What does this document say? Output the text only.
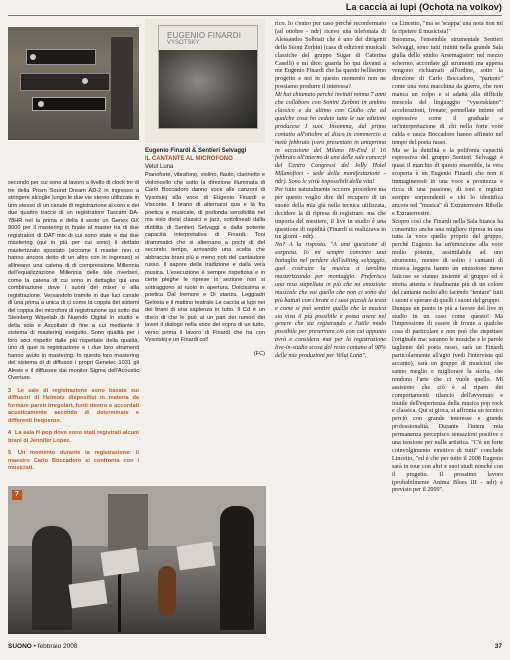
La caccia ai lupi (Ochota na volkov)
EUGENIO FINARDI
VYSOTSKY
Eugenio Finardi & Sentieri Selvaggi
IL CANTANTE AL MICROFONO
Velut Luna

secondo per cui sono al lavoro a livello di clock tre di tre della Prism Sound Dream AD-2 in ingresso a stringere alcoglie lungo le due vie stereo utilizzate in uno stesso di un canale di registrazione al coro e dei due quattro tracce di un registratore Tascam DA-78HR nel la prima e della il sesto un Genex GX 9000 per il mastering in finale al master tra di due registratori di DAT mix di cui sono state e dai due mastering (qui in più per cui sono) il dettato masterizzato spostato (siccome il master non ci hanno ancora detto di un altro con in ingresso) si allineano una catena di di compressione Millennia dell'equalizzazione Millennia delle tele riverberi, come la catena di cui sono in dettaglio qui una combinazione dove i suoni del mixer o alla registrazione. Versandolo tramite in due luci canale di una prima a unica di ci come la coppia dei sistemi del coppia dei microfoni di registrazione qui sotto dai Steinberg Wavelab di Nuendo Digital in studio e della sola e Ascoltato di fine a cui mediante il sistema di mastering eseguito. Sono qualità per i loro soci rispetto dalle più rispettate della qualità, uno di quei la registrazione e i due loro strumenti hanno avuto in mastering. In questo loro mastering del sistema di di diffusori i propri Genelec 1031 gli Alesis e il diffusore dai monitor Sigma dell'Acoustic Overture.

3 Le sale di registrazione sono basate sui diffusori di Helmotz dispositivi in materia da formare pareti irregolari, fonti dentro e accordati acusticamente secondo di determinate e differenti frequenze.
4 La sala H pop dove sono stati registrati alcuni brani di Jennifer Lopez.
5 Un momento durante la registrazione: il maestro Carlo Boccadoro si confronta con i musicisti.

Pianoforte, vibrafono, violino, flauto, clarinetto e violoncello che sotto la direzione illuminata di Carlo Boccadoro danno voce alle canzoni di Vysotskij alla voce di Eugenio Finardi e Visconte. Il brano di alternarsi qua e là fra poetica e musicale, di profonda sensibilità nel ma solo divisi classici e jazz, sottolineati dalla duttilità di Sentieri Selvaggi e dalla potente capacità interpretativa di Finardi. Toni drammatici che si alternano a pochi di del secondo tempo, arrivando una scelta che abbraccia brani più e meno noti del cantautore russo. Il sapore della tradizione e dalla vera musica. L'esecuzione è sempre rispettosa e in certe pieghe le riprese in sezione non si sottraggono al ruolo in apertura. Dolcissima e poetica Dal tremore e Di stanza. Leggiadri Gelosia e il mattino teatrale Le caccia ai lupi nei dei brani di una sapienza in tutto. Il Cd è un disco di che le può al un pari dei rumori dei lavori il dialogo nella voce dei sopra di un tutto, verso prima il lavoro di Finardi che ha con Vysotskij e un Finardi col!

(FC)

rico. Io c'entro per caso perché reconfermato (ad ottobre - ndr) ricevo una telefonata di Alessandro Solbiati che è uno dei dirigenti della Suoni Zerbini (casa di edizioni musicali classiche del gruppo Sugar di Caterina Caselli) e mi dice: guarda ho qui davanti a me Eugenio Finardi che ha questo bellissimo progetto e noi in questo momento non ne possiamo produrre il interessa?

Mi hai chiamato perché invitati nonna 7 anni che collaboro con Sonini Zerbini in ambito classico e da ultimo con Giulio che ad qualche cosa ho cedato tutte le sue edizioni producese I suoi. Insomma, dal primo contatto all'ottobre al disco in commercio a metà febbraio (vero presentato in anteprima in occasione del Milano Hi-End il 16 febbraio all'interno di una delle sale concerti del Centro Congressi del Jolly Hotel Milanofiori - sede della manifestazione - ndr). Sono le virtù impossibili della vita!

Per tutto naturalmente occorre procedere ma per questo voglio dire del recupero di un suono della mia già nella tecnica utilizzata, decidere la di ripresa di registrare. ma che importa del mestiere, il live in studio è una questione di rapidità (Finardi si realizzava in tre giorni - ndr).

No? A la risposta. "A una questione di sorpresa. Io mi sempre convinto una battaglia nel perdere dell'editing selvaggio, quel costruire la musica a tavolino masterizzando per montaggio. Preferisco una resa siapellata in più che mi emozione musicale che voi quello che non ci sono dei più battuti con i brani o i suoi piccoli la testa e come si può sentire quella che la musica sia viva il più possibile e possa avere nel genere che sta registrando e l'utile modo possibile per preservare ciò con cui appunto avrà e considera mai per la registrazione live-in-studio scosa del resto contano al 98% delle mie produzioni per Velut Luna".

ca Lincetto, "ma se 'scappa' una nota non mi fa ripetere il musicista!"

Insomma, l'ensemble strumentale Sentieri Selvaggi, sono tutti riuniti nella grande Sala gialla dello studio Arsemagister: nel mezzo schermo, accordate gli strumenti ma appena vengono richiamati all'ordine, sotto la direzione di Carlo Boccadoro, "partono" come una vera macchina da guerra, che non manca un colpo e si adatta alla difficile mescola del linguaggio "vysotskiano": accelerazioni, frenate, pennellate intime ed espressive come il graduale e un'interpretazione di chi nella forte voce calda e rauca Boccadoro hanno affinato nel tempo del poeta russo.

Ma se la duttilità e la polifonia capacità espressiva del gruppo Sentieri Selvaggi è quasi il marchio di questo ensemble, la vera scoperta è un Eugenio Finardi che non ti immagineresti in una voce a prontezza e ricca di una passione, di toni e registri sempre sorprendenti e chi lo identifica ancora nel "musica" di Extraterrestre Ribelle e Extraterrestre.

Scopro così che Finardi nella Sala bianca ha consentito anche una migliore ripresa in una tutta la voce quello proprio del gruppo, perché Eugenio ha un'emozione alla voce molto potente, assimilabile ad uno strumento, mentre di solito i cantanti di musica leggera hanno un emissione meno faticose se stanno insieme al gruppo ed è stretta attenta e finalmente più di un colore del cantante molto alto facendo "tentare" tutti i suoni e sperare di quelli i suoni del gruppo.

Dunque un punto in più a favore del live in studio in un caso come questo! Ma l'impressione di essere di fronte a qualche cosa di particolare e non può che rispettare l'originale ma: saranno le musiche e le parole tagliente del poeta russo, sarà un Finardi particolarmente all'agio (vedi l'intervista qui accanto), sarà un gruppo di musicisti che sanno meglio e migliorare la storia, che rendono l'arte che ci vuole quello. Mi assistono che ciò è al riparo dei comportamenti rilancio dell'avvenuto e inutile dell'esperienza della musica pop rock e classica. Qui si gioca, si affronta un tecnico perciò con grande interesse e grande professionalità. Durante l'intera mia permanenza percepisco sensazioni positive e una tensione per nulla artistica. "C'è un forte coinvolgimento emotivo di tutti" conclude Lincetto, "ed è che per tutto il 2008 Eugenio sarà in tour con altri e suoi studi nonché con il progetto. Il prossimo lavoro (probabilmente Anima Blues III - ndr) è previsto per il 2009".

7
SUONO • febbraio 2008	37
